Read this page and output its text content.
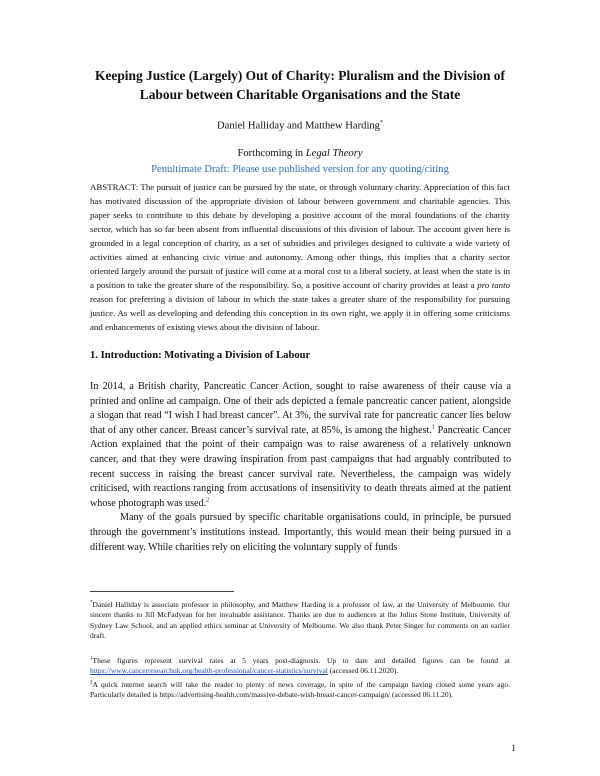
Keeping Justice (Largely) Out of Charity: Pluralism and the Division of Labour between Charitable Organisations and the State
Daniel Halliday and Matthew Harding*
Forthcoming in Legal Theory
Penultimate Draft: Please use published version for any quoting/citing

ABSTRACT: The pursuit of justice can be pursued by the state, or through voluntary charity. Appreciation of this fact has motivated discussion of the appropriate division of labour between government and charitable agencies. This paper seeks to contribute to this debate by developing a positive account of the moral foundations of the charity sector, which has so far been absent from influential discussions of this division of labour. The account given here is grounded in a legal conception of charity, as a set of subsidies and privileges designed to cultivate a wide variety of activities aimed at enhancing civic virtue and autonomy. Among other things, this implies that a charity sector oriented largely around the pursuit of justice will come at a moral cost to a liberal society, at least when the state is in a position to take the greater share of the responsibility. So, a positive account of charity provides at least a pro tanto reason for preferring a division of labour in which the state takes a greater share of the responsibility for pursuing justice. As well as developing and defending this conception in its own right, we apply it in offering some criticisms and enhancements of existing views about the division of labour.

1. Introduction: Motivating a Division of Labour

In 2014, a British charity, Pancreatic Cancer Action, sought to raise awareness of their cause via a printed and online ad campaign. One of their ads depicted a female pancreatic cancer patient, alongside a slogan that read “I wish I had breast cancer”. At 3%, the survival rate for pancreatic cancer lies below that of any other cancer. Breast cancer’s survival rate, at 85%, is among the highest.$^1$ Pancreatic Cancer Action explained that the point of their campaign was to raise awareness of a relatively unknown cancer, and that they were drawing inspiration from past campaigns that had arguably contributed to recent success in raising the breast cancer survival rate. Nevertheless, the campaign was widely criticised, with reactions ranging from accusations of insensitivity to death threats aimed at the patient whose photograph was used.$^2$

Many of the goals pursued by specific charitable organisations could, in principle, be pursued through the government’s institutions instead. Importantly, this would mean their being pursued in a different way. While charities rely on eliciting the voluntary supply of funds

*Daniel Halliday is associate professor in philosophy, and Matthew Harding is a professor of law, at the University of Melbourne. Our sincere thanks to Jill McFadyean for her invaluable assistance. Thanks are due to audiences at the Julius Stone Institute, University of Sydney Law School, and an applied ethics seminar at University of Melbourne. We also thank Peter Singer for comments on an earlier draft.

$^1$These figures represent survival rates at 5 years post-diagnosis. Up to date and detailed figures can be found at https://www.cancerresearchuk.org/health-professional/cancer-statistics/survival (accessed 06.11.2020).

$^2$A quick internet search will take the reader to plenty of news coverage, in spite of the campaign having closed some years ago. Particularly detailed is https://advertising-health.com/massive-debate-wish-breast-cancer-campaign/ (accessed 06.11.20).

1
